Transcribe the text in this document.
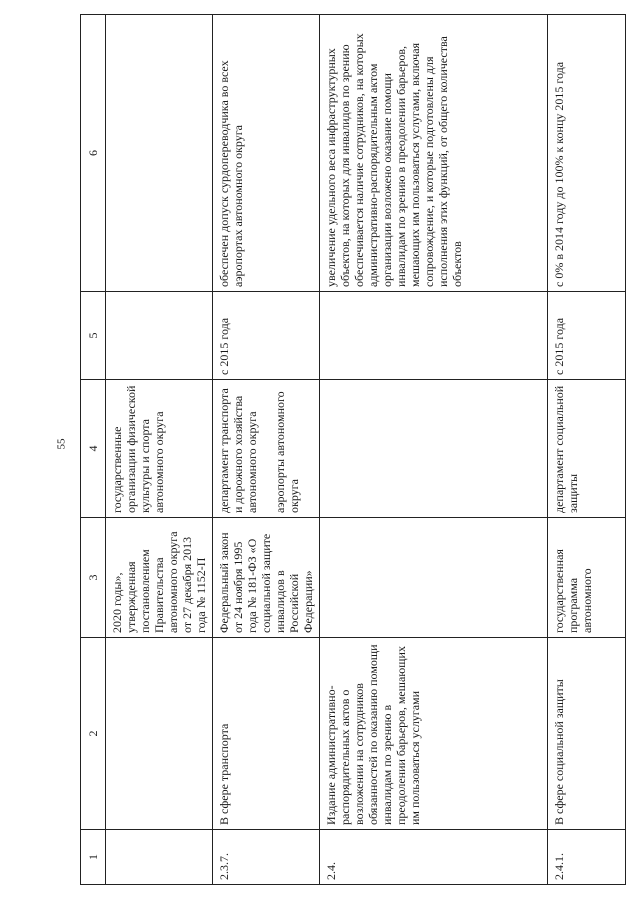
55
1	2	3	4	5	6
		2020 годы», утвержденная постановлением Правительства автономного округа от 27 декабря 2013 года № 1152-П	государственные организации физической культуры и спорта автономного округа		
2.3.7.	В сфере транспорта	Федеральный закон от 24 ноября 1995 года № 181-ФЗ «О социальной защите инвалидов в Российской Федерации»	департамент транспорта и дорожного хозяйства автономного округа аэропорты автономного округа	с 2015 года	обеспечен допуск сурдопереводчика во всех аэропортах автономного округа
2.4.	Издание административно-распорядительных актов о возложении на сотрудников обязанностей по оказанию помощи инвалидам по зрению в преодолении барьеров, мешающих им пользоваться услугами				увеличение удельного веса инфраструктурных объектов, на которых для инвалидов по зрению обеспечивается наличие сотрудников, на которых административно-распорядительным актом организации возложено оказание помощи инвалидам по зрению в преодолении барьеров, мешающих им пользоваться услугами, включая сопровождение, и которые подготовлены для исполнения этих функций, от общего количества объектов
2.4.1.	В сфере социальной защиты	государственная программа автономного	департамент социальной защиты	с 2015 года	с 0% в 2014 году до 100% к концу 2015 года
